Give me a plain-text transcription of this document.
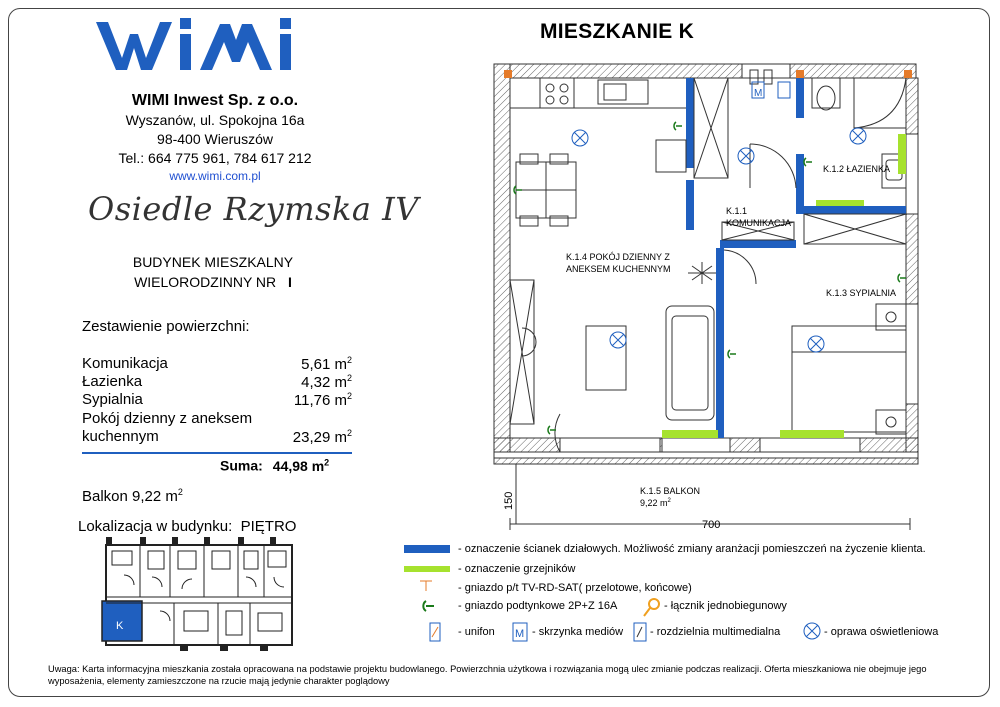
WIMI Inwest Sp. z o.o.
Wyszanów, ul. Spokojna 16a
98-400 Wieruszów
Tel.: 664 775 961, 784 617 212
www.wimi.com.pl
Osiedle Rzymska IV
BUDYNEK MIESZKALNY
WIELORODZINNY NR I
Zestawienie powierzchni:
Komunikacja	5,61 $m^2$
Łazienka	4,32 $m^2$
Sypialnia	11,76 $m^2$
Pokój dzienny z aneksem
kuchennym	23,29 $m^2$
Suma: 44,98 $m^2$
Balkon 9,22 $m^2$
Lokalizacja w budynku: PIĘTRO
K
MIESZKANIE K
M
K.1.4 POKÓJ DZIENNY Z
ANEKSEM KUCHENNYM
K.1.1
KOMUNIKACJA
K.1.2 ŁAZIENKA
K.1.3 SYPIALNIA
K.1.5 BALKON
9,22 $m^2$
700
150
- oznaczenie ścianek działowych. Możliwość zmiany aranżacji pomieszczeń na życzenie klienta.
- oznaczenie grzejników
- gniazdo p/t TV-RD-SAT( przelotowe, końcowe)
- gniazdo podtynkowe 2P+Z 16A	- łącznik jednobiegunowy
- unifon M - skrzynka mediów - rozdzielnia multimedialna	- oprawa oświetleniowa
Uwaga: Karta informacyjna mieszkania została opracowana na podstawie projektu budowlanego. Powierzchnia użytkowa i rozwiązania mogą ulec zmianie podczas realizacji. Oferta mieszkaniowa nie obejmuje jego wyposażenia, elementy zamieszczone na rzucie mają jedynie charakter poglądowy
